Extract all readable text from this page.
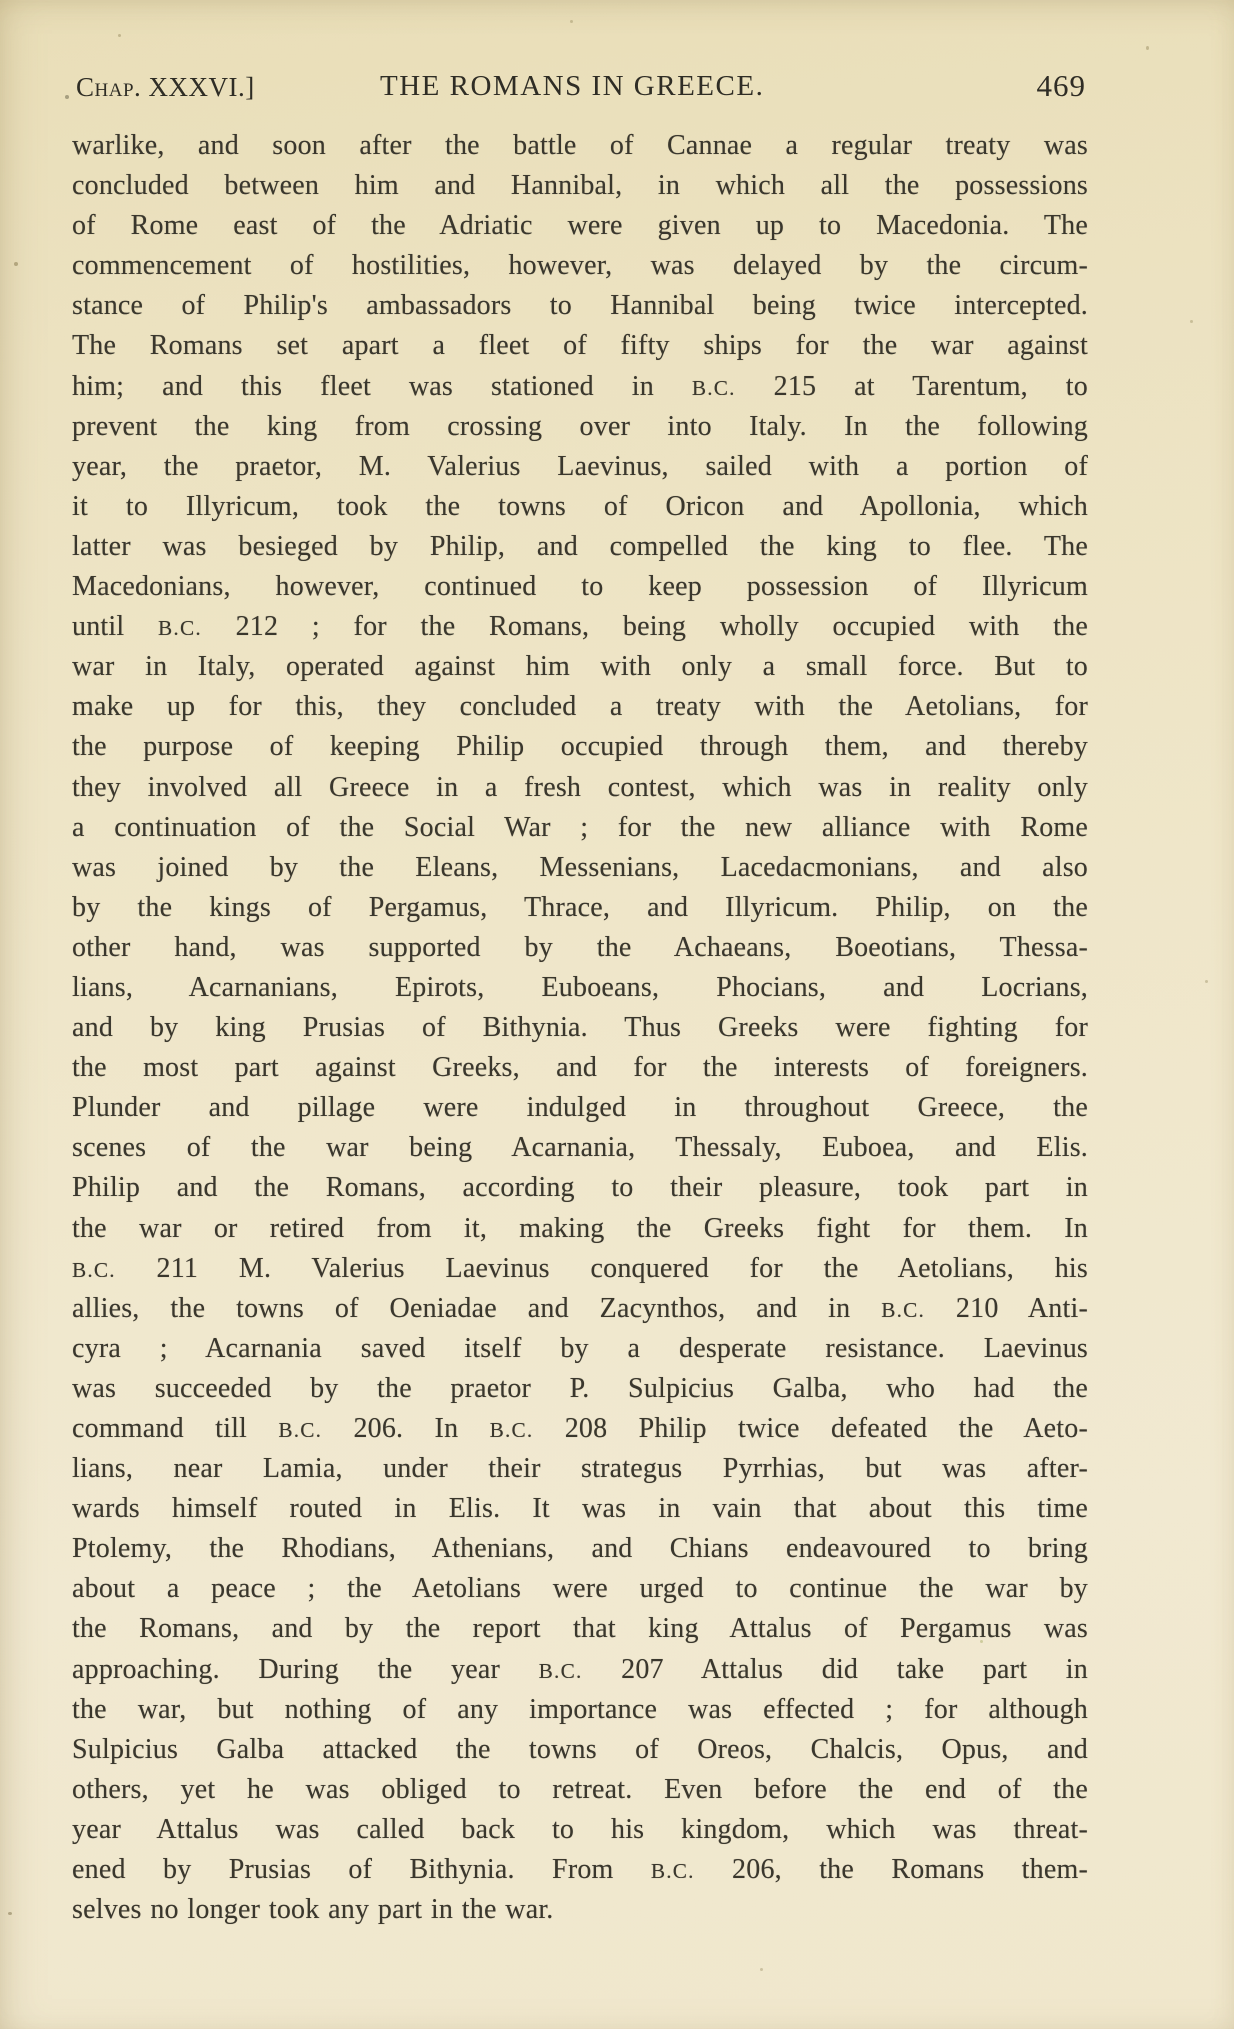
Chap. XXXVI.]	THE ROMANS IN GREECE.	469
warlike, and soon after the battle of Cannae a regular treaty was
concluded between him and Hannibal, in which all the possessions
of Rome east of the Adriatic were given up to Macedonia. The
commencement of hostilities, however, was delayed by the circum-
stance of Philip's ambassadors to Hannibal being twice intercepted.
The Romans set apart a fleet of fifty ships for the war against
him; and this fleet was stationed in B.C. 215 at Tarentum, to
prevent the king from crossing over into Italy. In the following
year, the praetor, M. Valerius Laevinus, sailed with a portion of
it to Illyricum, took the towns of Oricon and Apollonia, which
latter was besieged by Philip, and compelled the king to flee. The
Macedonians, however, continued to keep possession of Illyricum
until B.C. 212 ; for the Romans, being wholly occupied with the
war in Italy, operated against him with only a small force. But to
make up for this, they concluded a treaty with the Aetolians, for
the purpose of keeping Philip occupied through them, and thereby
they involved all Greece in a fresh contest, which was in reality only
a continuation of the Social War ; for the new alliance with Rome
was joined by the Eleans, Messenians, Lacedacmonians, and also
by the kings of Pergamus, Thrace, and Illyricum. Philip, on the
other hand, was supported by the Achaeans, Boeotians, Thessa-
lians, Acarnanians, Epirots, Euboeans, Phocians, and Locrians,
and by king Prusias of Bithynia. Thus Greeks were fighting for
the most part against Greeks, and for the interests of foreigners.
Plunder and pillage were indulged in throughout Greece, the
scenes of the war being Acarnania, Thessaly, Euboea, and Elis.
Philip and the Romans, according to their pleasure, took part in
the war or retired from it, making the Greeks fight for them. In
B.C. 211 M. Valerius Laevinus conquered for the Aetolians, his
allies, the towns of Oeniadae and Zacynthos, and in B.C. 210 Anti-
cyra ; Acarnania saved itself by a desperate resistance. Laevinus
was succeeded by the praetor P. Sulpicius Galba, who had the
command till B.C. 206. In B.C. 208 Philip twice defeated the Aeto-
lians, near Lamia, under their strategus Pyrrhias, but was after-
wards himself routed in Elis. It was in vain that about this time
Ptolemy, the Rhodians, Athenians, and Chians endeavoured to bring
about a peace ; the Aetolians were urged to continue the war by
the Romans, and by the report that king Attalus of Pergamus was
approaching. During the year B.C. 207 Attalus did take part in
the war, but nothing of any importance was effected ; for although
Sulpicius Galba attacked the towns of Oreos, Chalcis, Opus, and
others, yet he was obliged to retreat. Even before the end of the
year Attalus was called back to his kingdom, which was threat-
ened by Prusias of Bithynia. From B.C. 206, the Romans them-
selves no longer took any part in the war.
